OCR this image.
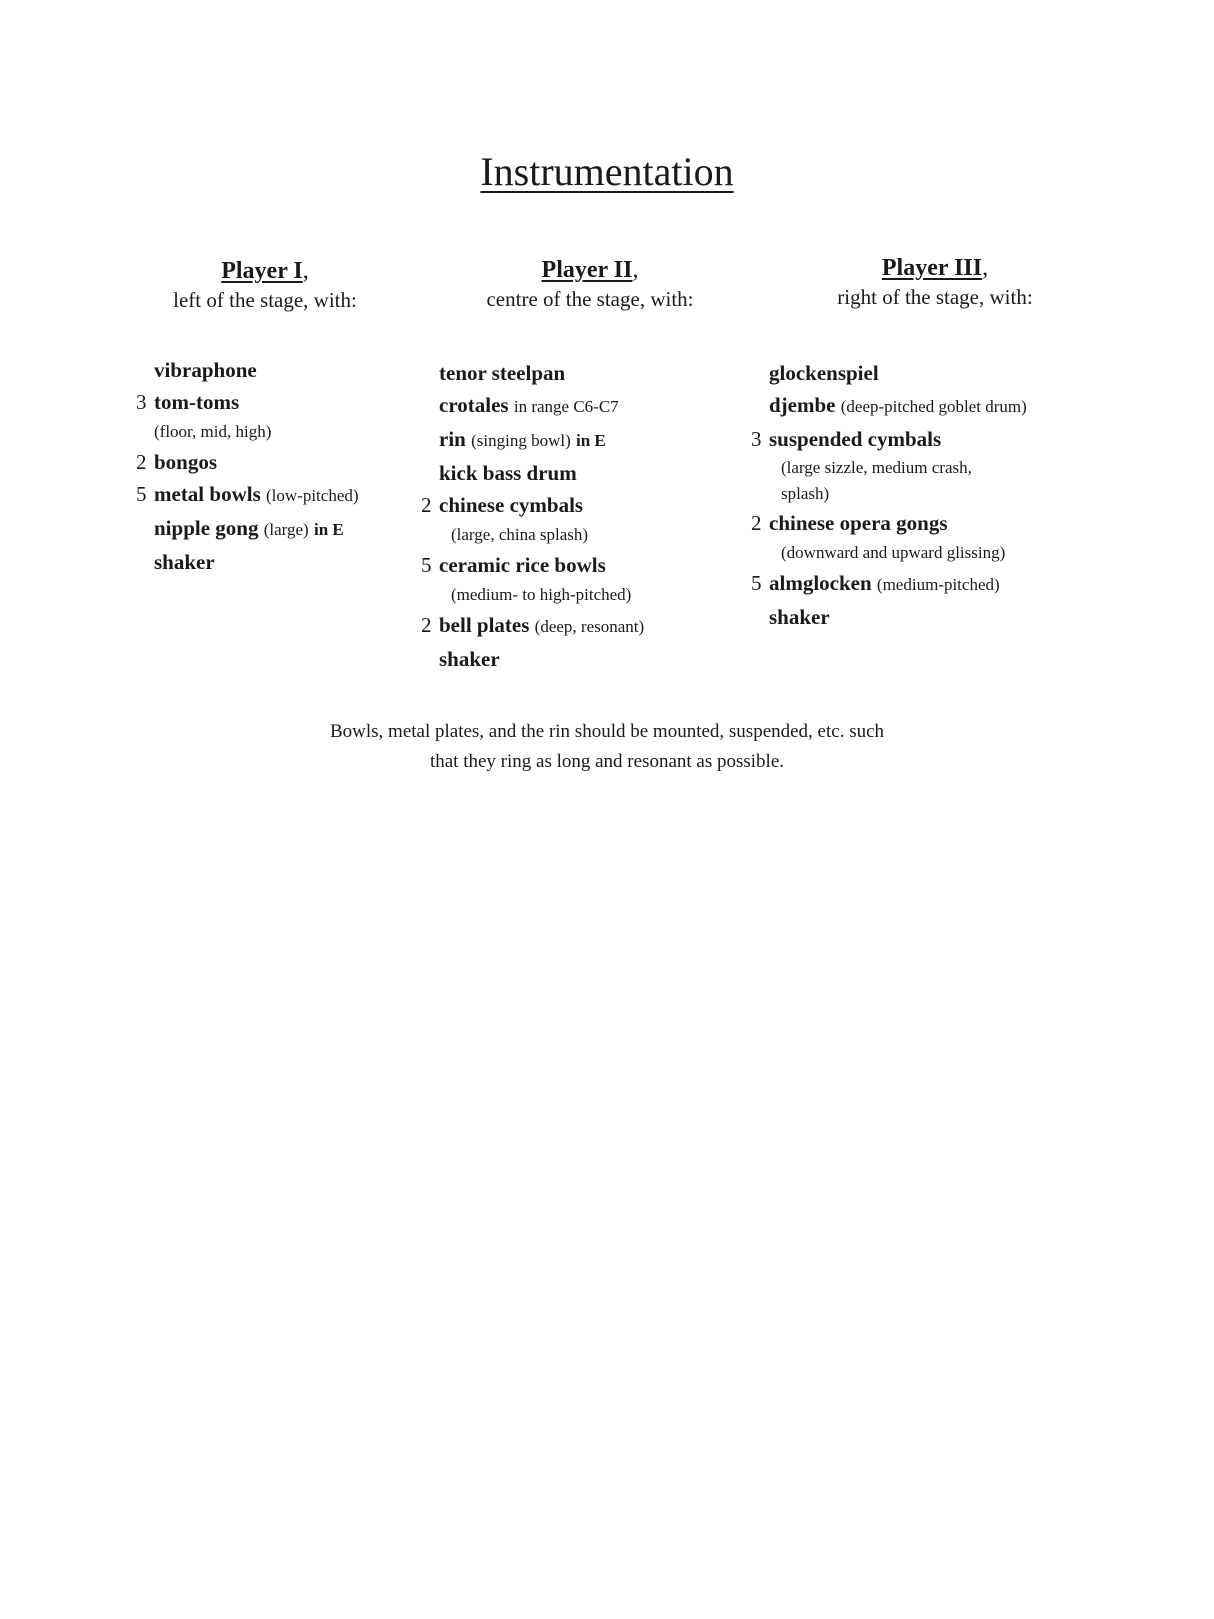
Instrumentation
Player I,
left of the stage, with:
Player II,
centre of the stage, with:
Player III,
right of the stage, with:
vibraphone
3 tom-toms
(floor, mid, high)
2 bongos
5 metal bowls (low-pitched)
nipple gong (large) in E
shaker
tenor steelpan
crotales in range C6-C7
rin (singing bowl) in E
kick bass drum
2 chinese cymbals
(large, china splash)
5 ceramic rice bowls
(medium- to high-pitched)
2 bell plates (deep, resonant)
shaker
glockenspiel
djembe (deep-pitched goblet drum)
3 suspended cymbals
(large sizzle, medium crash, splash)
2 chinese opera gongs
(downward and upward glissing)
5 almglocken (medium-pitched)
shaker
Bowls, metal plates, and the rin should be mounted, suspended, etc. such
that they ring as long and resonant as possible.
